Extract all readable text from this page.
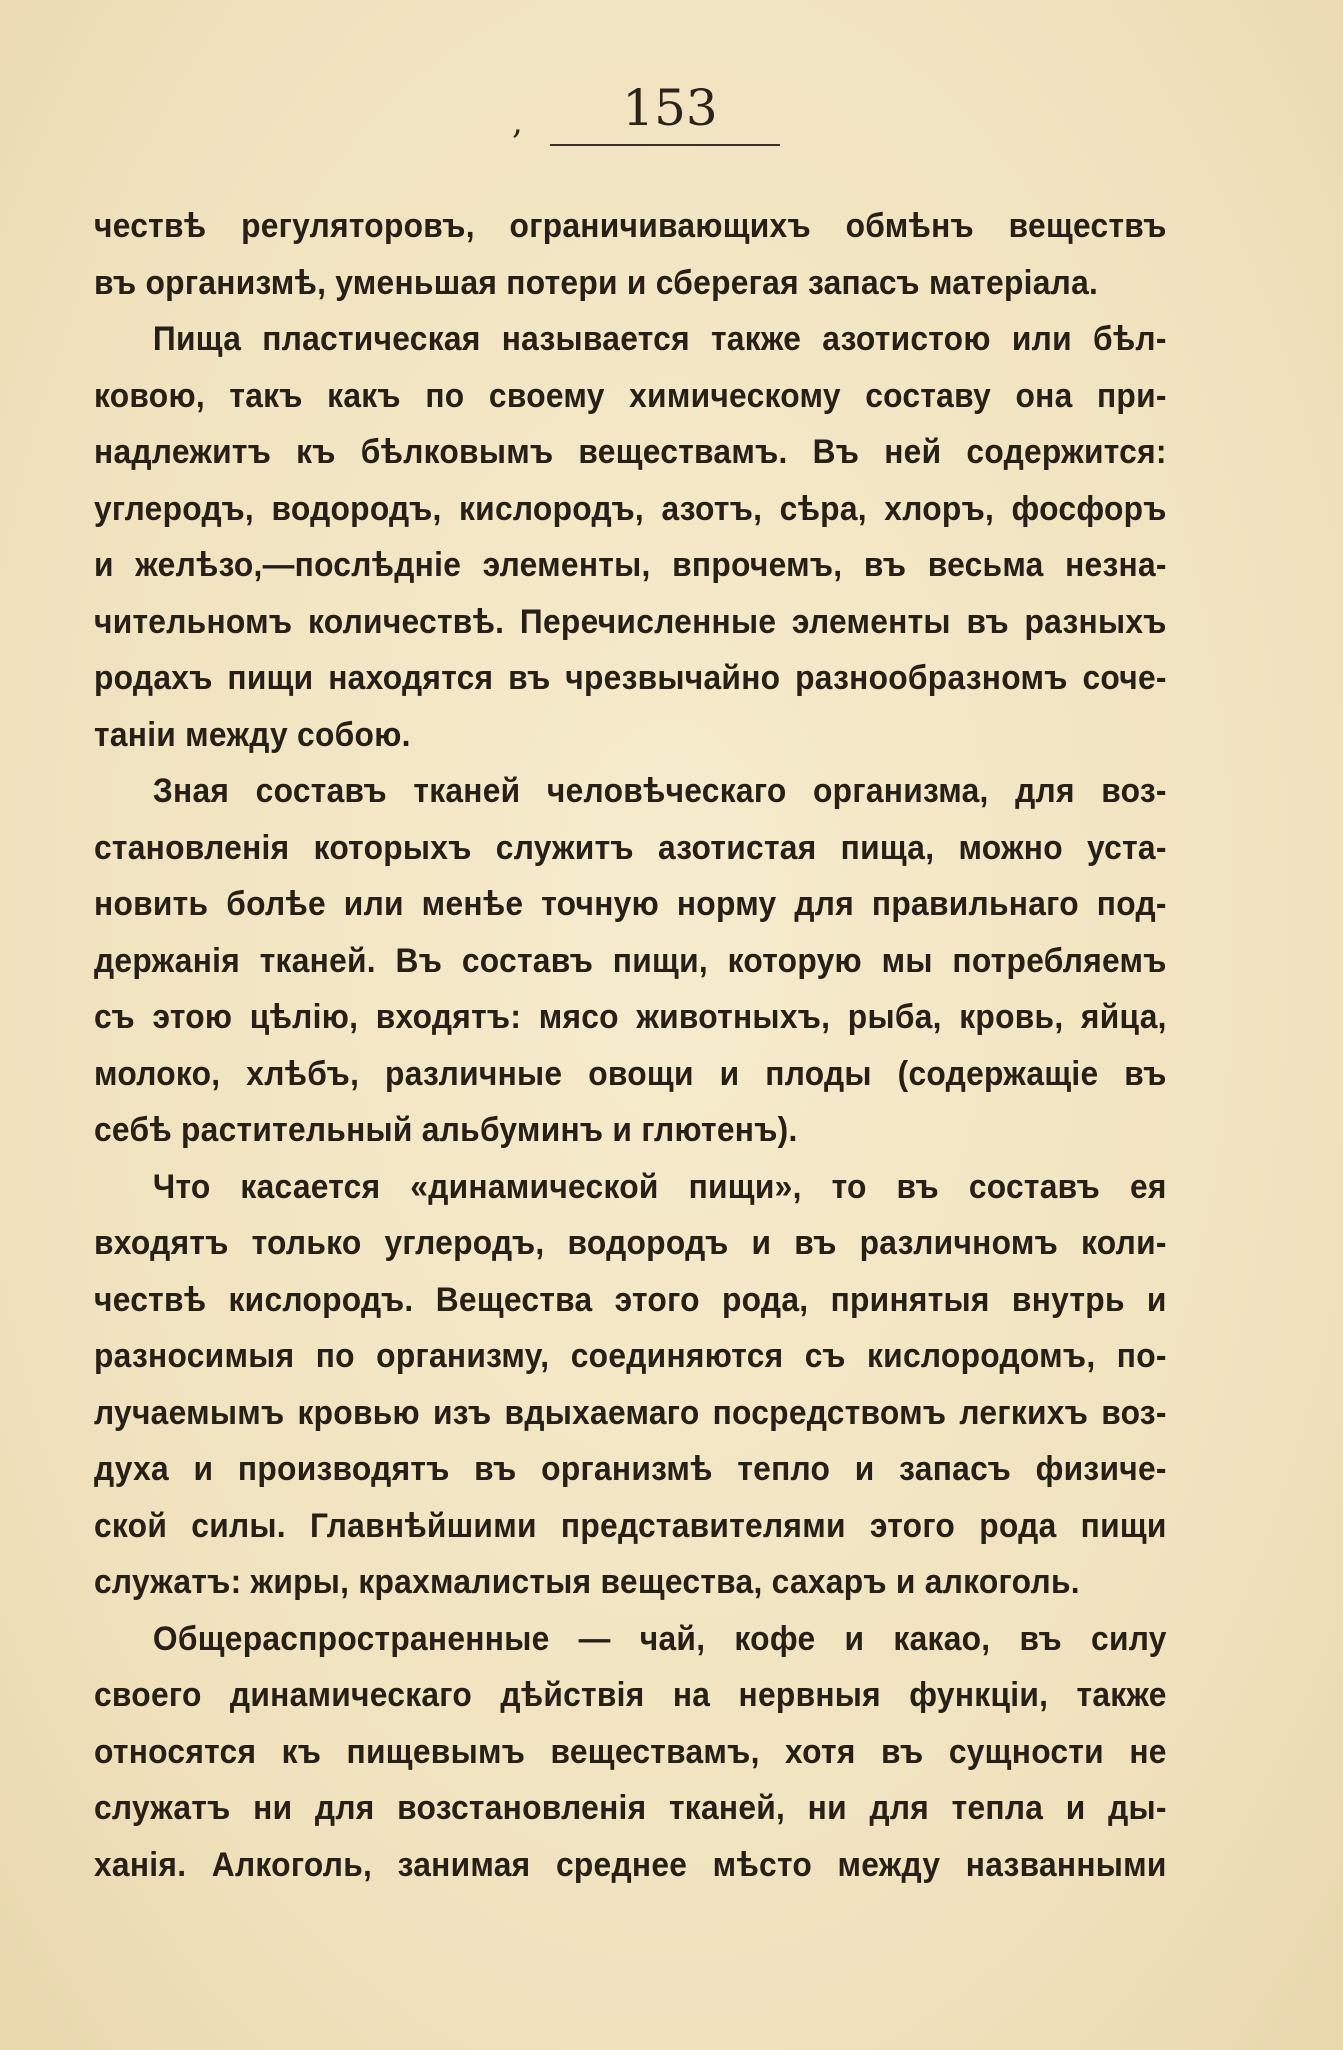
,	153
чествѣ регуляторовъ, ограничивающихъ обмѣнъ веществъ
въ организмѣ, уменьшая потери и сберегая запасъ матеріала.
Пища пластическая называется также азотистою или бѣл-
ковою, такъ какъ по своему химическому составу она при-
надлежитъ къ бѣлковымъ веществамъ. Въ ней содержится:
углеродъ, водородъ, кислородъ, азотъ, сѣра, хлоръ, фосфоръ
и желѣзо,—послѣдніе элементы, впрочемъ, въ весьма незна-
чительномъ количествѣ. Перечисленные элементы въ разныхъ
родахъ пищи находятся въ чрезвычайно разнообразномъ соче-
таніи между собою.
Зная составъ тканей человѣческаго организма, для воз-
становленія которыхъ служитъ азотистая пища, можно уста-
новить болѣе или менѣе точную норму для правильнаго под-
держанія тканей. Въ составъ пищи, которую мы потребляемъ
съ этою цѣлію, входятъ: мясо животныхъ, рыба, кровь, яйца,
молоко, хлѣбъ, различные овощи и плоды (содержащіе въ
себѣ растительный альбуминъ и глютенъ).
Что касается «динамической пищи», то въ составъ ея
входятъ только углеродъ, водородъ и въ различномъ коли-
чествѣ кислородъ. Вещества этого рода, принятыя внутрь и
разносимыя по организму, соединяются съ кислородомъ, по-
лучаемымъ кровью изъ вдыхаемаго посредствомъ легкихъ воз-
духа и производятъ въ организмѣ тепло и запасъ физиче-
ской силы. Главнѣйшими представителями этого рода пищи
служатъ: жиры, крахмалистыя вещества, сахаръ и алкоголь.
Общераспространенные — чай, кофе и какао, въ силу
своего динамическаго дѣйствія на нервныя функціи, также
относятся къ пищевымъ веществамъ, хотя въ сущности не
служатъ ни для возстановленія тканей, ни для тепла и ды-
ханія. Алкоголь, занимая среднее мѣсто между названными
